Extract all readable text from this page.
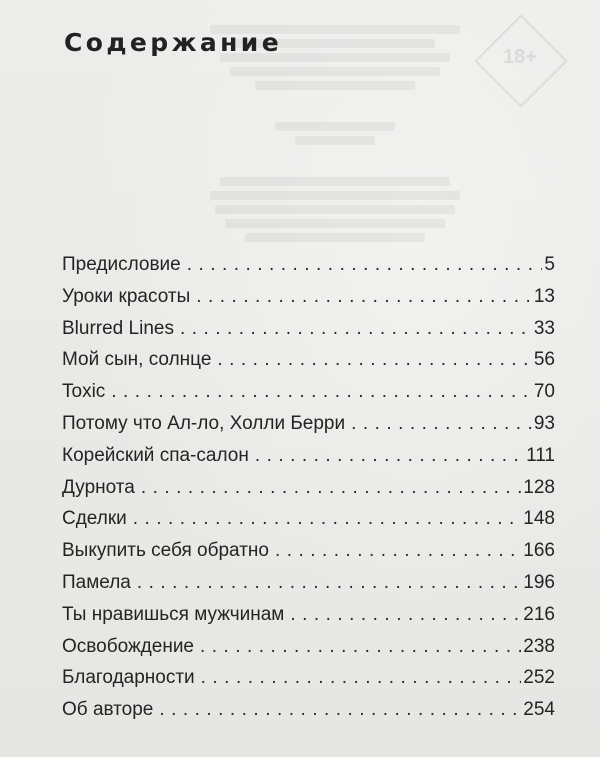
18+
Содержание
Предисловие . . .	5
Уроки красоты . . .	13
Blurred Lines . . .	33
Мой сын, солнце . . .	56
Toxic . . .	70
Потому что Ал-ло, Холли Берри . . .	93
Корейский спа-салон . . .	111
Дурнота . . .	128
Сделки . . .	148
Выкупить себя обратно . . .	166
Памела . . .	196
Ты нравишься мужчинам . . .	216
Освобождение . . .	238
Благодарности . . .	252
Об авторе . . .	254
